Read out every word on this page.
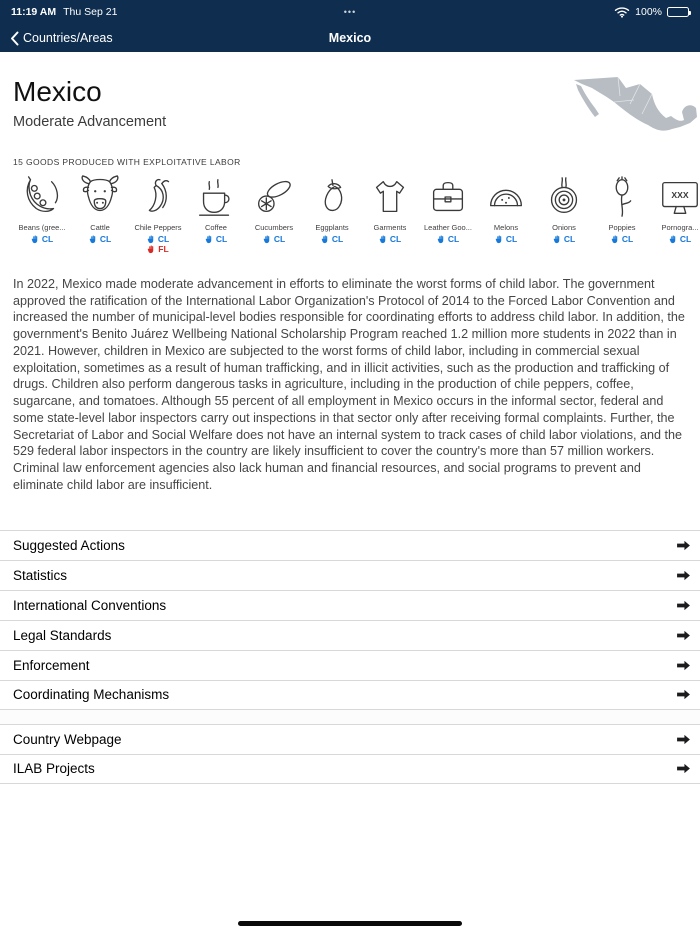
11:19 AM Thu Sep 21	•••	100%
Countries/Areas	Mexico
Mexico
Moderate Advancement
15 GOODS PRODUCED WITH EXPLOITATIVE LABOR
Beans (gree...
CL
Cattle
CL
Chile Peppers
CL
FL
Coffee
CL
Cucumbers
CL
Eggplants
CL
Garments
CL
Leather Goo...
CL
Melons
CL
Onions
CL
Poppies
CL
XXX
Pornogra...
CL

In 2022, Mexico made moderate advancement in efforts to eliminate the worst forms of child labor. The government approved the ratification of the International Labor Organization's Protocol of 2014 to the Forced Labor Convention and increased the number of municipal-level bodies responsible for coordinating efforts to address child labor. In addition, the government's Benito Juárez Wellbeing National Scholarship Program reached 1.2 million more students in 2022 than in 2021. However, children in Mexico are subjected to the worst forms of child labor, including in commercial sexual exploitation, sometimes as a result of human trafficking, and in illicit activities, such as the production and trafficking of drugs. Children also perform dangerous tasks in agriculture, including in the production of chile peppers, coffee, sugarcane, and tomatoes. Although 55 percent of all employment in Mexico occurs in the informal sector, federal and some state-level labor inspectors carry out inspections in that sector only after receiving formal complaints. Further, the Secretariat of Labor and Social Welfare does not have an internal system to track cases of child labor violations, and the 529 federal labor inspectors in the country are likely insufficient to cover the country's more than 57 million workers. Criminal law enforcement agencies also lack human and financial resources, and social programs to prevent and eliminate child labor are insufficient.

Suggested Actions
Statistics
International Conventions
Legal Standards
Enforcement
Coordinating Mechanisms
Country Webpage
ILAB Projects
